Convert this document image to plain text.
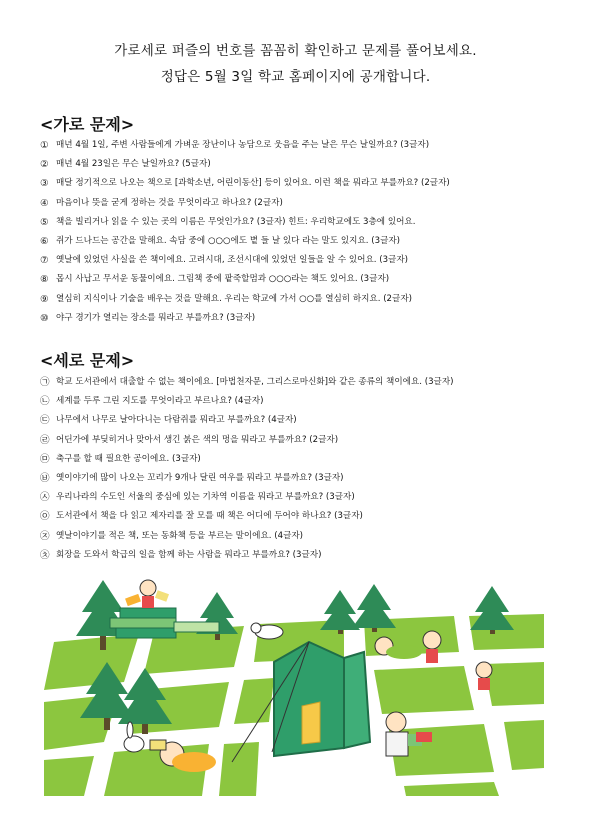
가로세로 퍼즐의 번호를 꼼꼼히 확인하고 문제를 풀어보세요.
정답은 5월 3일 학교 홈페이지에 공개합니다.
<가로 문제>
① 매년 4월 1일, 주변 사람들에게 가벼운 장난이나 농담으로 웃음을 주는 날은 무슨 날일까요? (3글자)
② 매년 4월 23일은 무슨 날일까요? (5글자)
③ 매달 정기적으로 나오는 책으로 [과학소년, 어린이동산] 등이 있어요. 이런 책을 뭐라고 부를까요? (2글자)
④ 마음이나 뜻을 굳게 정하는 것을 무엇이라고 하나요? (2글자)
⑤ 책을 빌리거나 읽을 수 있는 곳의 이름은 무엇인가요? (3글자) 힌트: 우리학교에도 3층에 있어요.
⑥ 쥐가 드나드는 공간을 말해요. 속담 중에 ○○○에도 볕 들 날 있다 라는 말도 있지요. (3글자)
⑦ 옛날에 있었던 사실을 쓴 책이에요. 고려시대, 조선시대에 있었던 일들을 알 수 있어요. (3글자)
⑧ 몹시 사납고 무서운 동물이에요. 그림책 중에 팥죽할멈과 ○○○라는 책도 있어요. (3글자)
⑨ 열심히 지식이나 기술을 배우는 것을 말해요. 우리는 학교에 가서 ○○를 열심히 하지요. (2글자)
⑩ 야구 경기가 열리는 장소를 뭐라고 부를까요? (3글자)
<세로 문제>
㉠ 학교 도서관에서 대출할 수 없는 책이에요. [마법천자문, 그리스로마신화]와 같은 종류의 책이에요. (3글자)
㉡ 세계를 두루 그린 지도를 무엇이라고 부르나요? (4글자)
㉢ 나무에서 나무로 날아다니는 다람쥐를 뭐라고 부를까요? (4글자)
㉣ 어딘가에 부딪히거나 맞아서 생긴 붉은 색의 멍을 뭐라고 부를까요? (2글자)
㉤ 축구를 할 때 필요한 공이에요. (3글자)
㉥ 옛이야기에 많이 나오는 꼬리가 9개나 달린 여우를 뭐라고 부를까요? (3글자)
㉦ 우리나라의 수도인 서울의 중심에 있는 기차역 이름을 뭐라고 부를까요? (3글자)
㉧ 도서관에서 책을 다 읽고 제자리를 잘 모를 때 책은 어디에 두어야 하나요? (3글자)
㉨ 옛날이야기를 적은 책, 또는 동화책 등을 부르는 말이에요. (4글자)
㉩ 회장을 도와서 학급의 일을 함께 하는 사람을 뭐라고 부를까요? (3글자)
